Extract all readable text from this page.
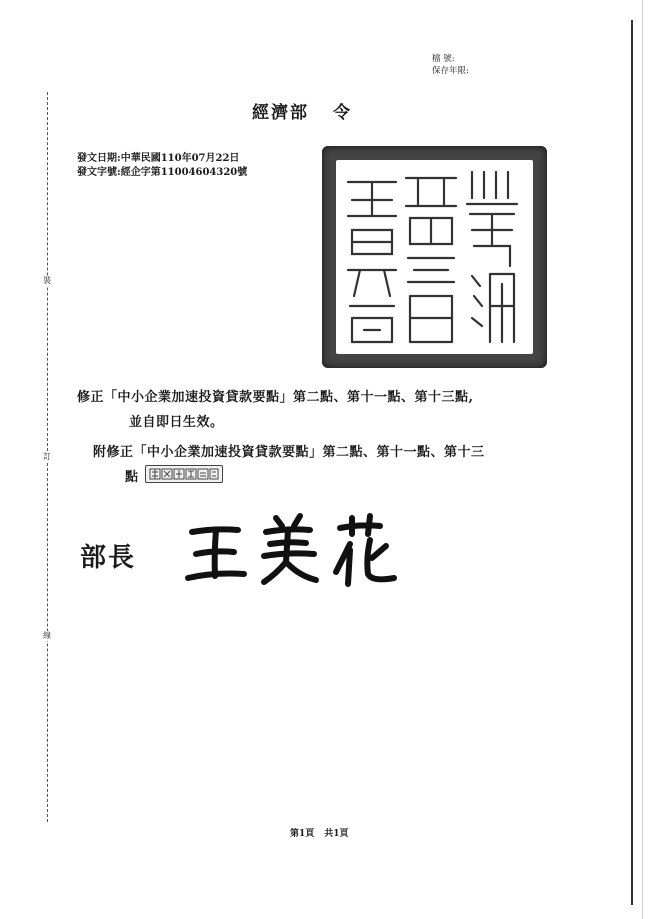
裝
訂
線
檔 號:
保存年限:
經濟部 令
發文日期:中華民國110年07月22日
發文字號:經企字第11004604320號
修正「中小企業加速投資貸款要點」第二點、第十一點、第十三點,
並自即日生效。
附修正「中小企業加速投資貸款要點」第二點、第十一點、第十三
點
部長
第1頁 共1頁
